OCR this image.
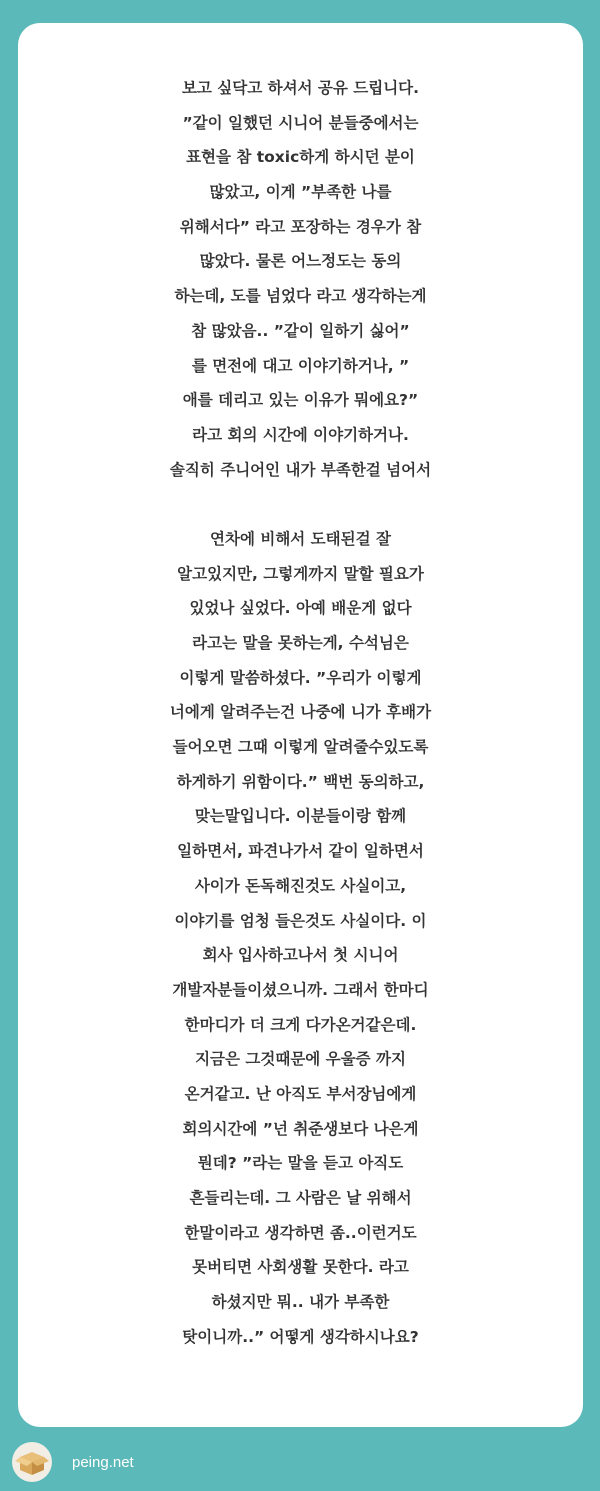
보고 싶닥고 하셔서 공유 드립니다.
”같이 일했던 시니어 분들중에서는
표현을 참 toxic하게 하시던 분이
많았고, 이게 ”부족한 나를
위해서다” 라고 포장하는 경우가 참
많았다. 물론 어느정도는 동의
하는데, 도를 넘었다 라고 생각하는게
참 많았음.. ”같이 일하기 싫어”
를 면전에 대고 이야기하거나, ”
애를 데리고 있는 이유가 뭐에요?”
라고 회의 시간에 이야기하거나.
솔직히 주니어인 내가 부족한걸 넘어서
연차에 비해서 도태된걸 잘
알고있지만, 그렇게까지 말할 필요가
있었나 싶었다. 아예 배운게 없다
라고는 말을 못하는게, 수석님은
이렇게 말씀하셨다. ”우리가 이렇게
너에게 알려주는건 나중에 니가 후배가
들어오면 그때 이렇게 알려줄수있도록
하게하기 위함이다.” 백번 동의하고,
맞는말입니다. 이분들이랑 함께
일하면서, 파견나가서 같이 일하면서
사이가 돈독해진것도 사실이고,
이야기를 엄청 들은것도 사실이다. 이
회사 입사하고나서 첫 시니어
개발자분들이셨으니까. 그래서 한마디
한마디가 더 크게 다가온거같은데.
지금은 그것때문에 우울증 까지
온거같고. 난 아직도 부서장님에게
회의시간에 ”넌 취준생보다 나은게
뭔데? ”라는 말을 듣고 아직도
흔들리는데. 그 사람은 날 위해서
한말이라고 생각하면 좀..이런거도
못버티면 사회생활 못한다. 라고
하셨지만 뭐.. 내가 부족한
탓이니까..” 어떻게 생각하시나요?
peing.net
